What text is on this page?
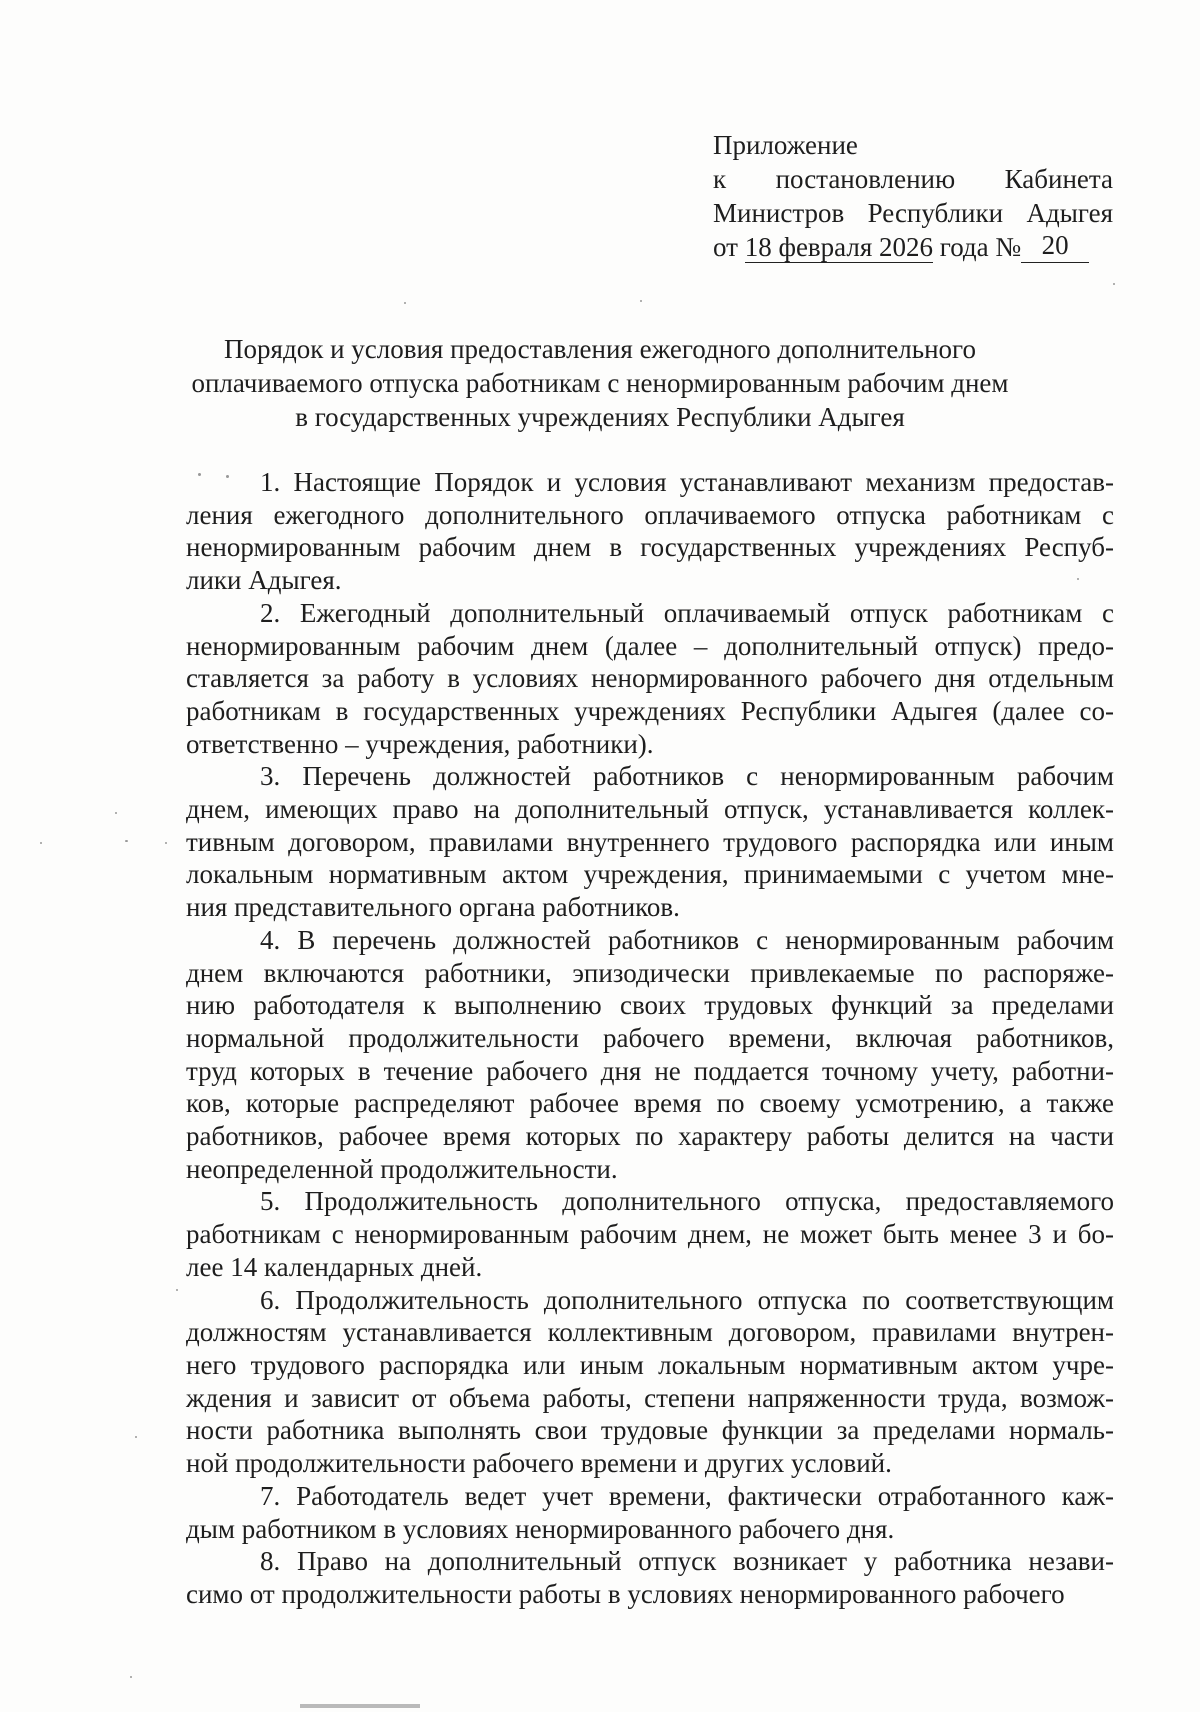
Приложение
к постановлению Кабинета
Министров Республики Адыгея
от 18 февраля 2026 года № 20
Порядок и условия предоставления ежегодного дополнительного
оплачиваемого отпуска работникам с ненормированным рабочим днем
в государственных учреждениях Республики Адыгея

1. Настоящие Порядок и условия устанавливают механизм предостав-
ления ежегодного дополнительного оплачиваемого отпуска работникам с
ненормированным рабочим днем в государственных учреждениях Респуб-
лики Адыгея.

2. Ежегодный дополнительный оплачиваемый отпуск работникам с
ненормированным рабочим днем (далее – дополнительный отпуск) предо-
ставляется за работу в условиях ненормированного рабочего дня отдельным
работникам в государственных учреждениях Республики Адыгея (далее со-
ответственно – учреждения, работники).

3. Перечень должностей работников с ненормированным рабочим
днем, имеющих право на дополнительный отпуск, устанавливается коллек-
тивным договором, правилами внутреннего трудового распорядка или иным
локальным нормативным актом учреждения, принимаемыми с учетом мне-
ния представительного органа работников.

4. В перечень должностей работников с ненормированным рабочим
днем включаются работники, эпизодически привлекаемые по распоряже-
нию работодателя к выполнению своих трудовых функций за пределами
нормальной продолжительности рабочего времени, включая работников,
труд которых в течение рабочего дня не поддается точному учету, работни-
ков, которые распределяют рабочее время по своему усмотрению, а также
работников, рабочее время которых по характеру работы делится на части
неопределенной продолжительности.

5. Продолжительность дополнительного отпуска, предоставляемого
работникам с ненормированным рабочим днем, не может быть менее 3 и бо-
лее 14 календарных дней.

6. Продолжительность дополнительного отпуска по соответствующим
должностям устанавливается коллективным договором, правилами внутрен-
него трудового распорядка или иным локальным нормативным актом учре-
ждения и зависит от объема работы, степени напряженности труда, возмож-
ности работника выполнять свои трудовые функции за пределами нормаль-
ной продолжительности рабочего времени и других условий.

7. Работодатель ведет учет времени, фактически отработанного каж-
дым работником в условиях ненормированного рабочего дня.

8. Право на дополнительный отпуск возникает у работника незави-
симо от продолжительности работы в условиях ненормированного рабочего
